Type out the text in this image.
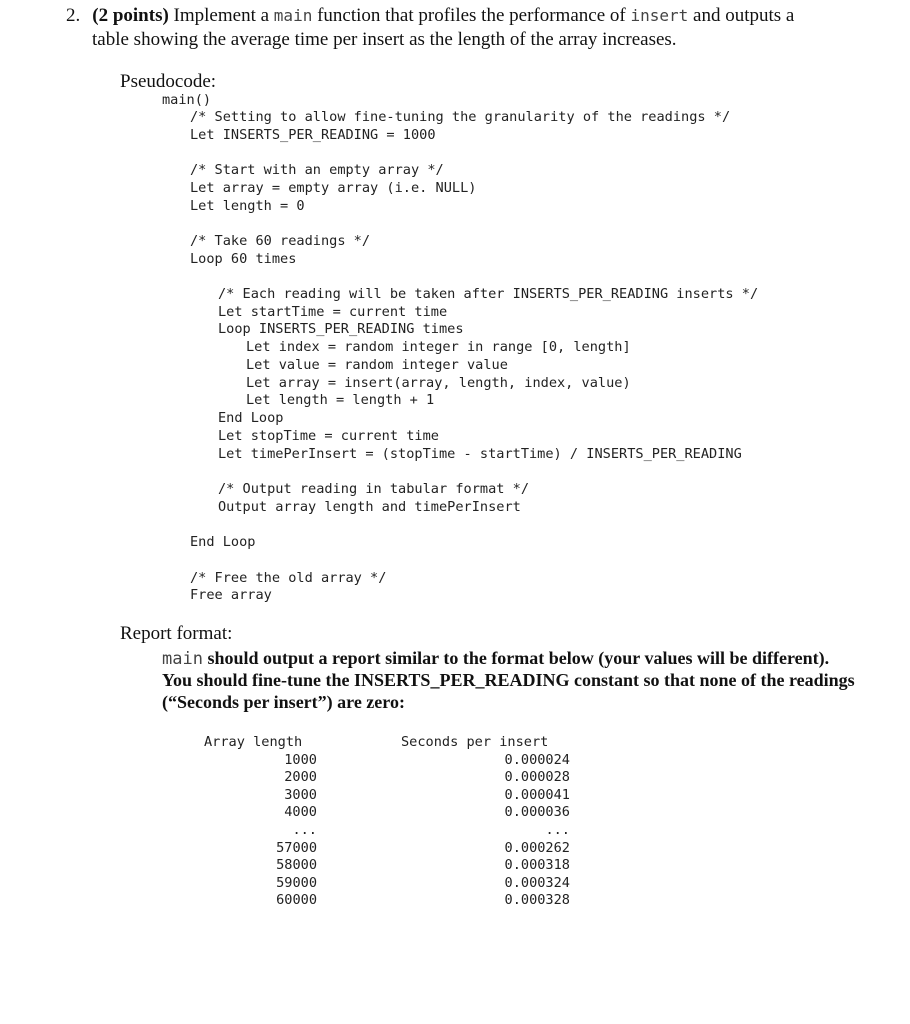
2. (2 points) Implement a main function that profiles the performance of insert and outputs a
table showing the average time per insert as the length of the array increases.
Pseudocode:
main()
/* Setting to allow fine-tuning the granularity of the readings */
Let INSERTS_PER_READING = 1000
/* Start with an empty array */
Let array = empty array (i.e. NULL)
Let length = 0
/* Take 60 readings */
Loop 60 times
/* Each reading will be taken after INSERTS_PER_READING inserts */
Let startTime = current time
Loop INSERTS_PER_READING times
Let index = random integer in range [0, length]
Let value = random integer value
Let array = insert(array, length, index, value)
Let length = length + 1
End Loop
Let stopTime = current time
Let timePerInsert = (stopTime - startTime) / INSERTS_PER_READING
/* Output reading in tabular format */
Output array length and timePerInsert
End Loop
/* Free the old array */
Free array
Report format:
main should output a report similar to the format below (your values will be different).
You should fine-tune the INSERTS_PER_READING constant so that none of the readings
(“Seconds per insert”) are zero:
Array length	Seconds per insert
1000	0.000024
2000	0.000028
3000	0.000041
4000	0.000036
...	...
57000	0.000262
58000	0.000318
59000	0.000324
60000	0.000328
